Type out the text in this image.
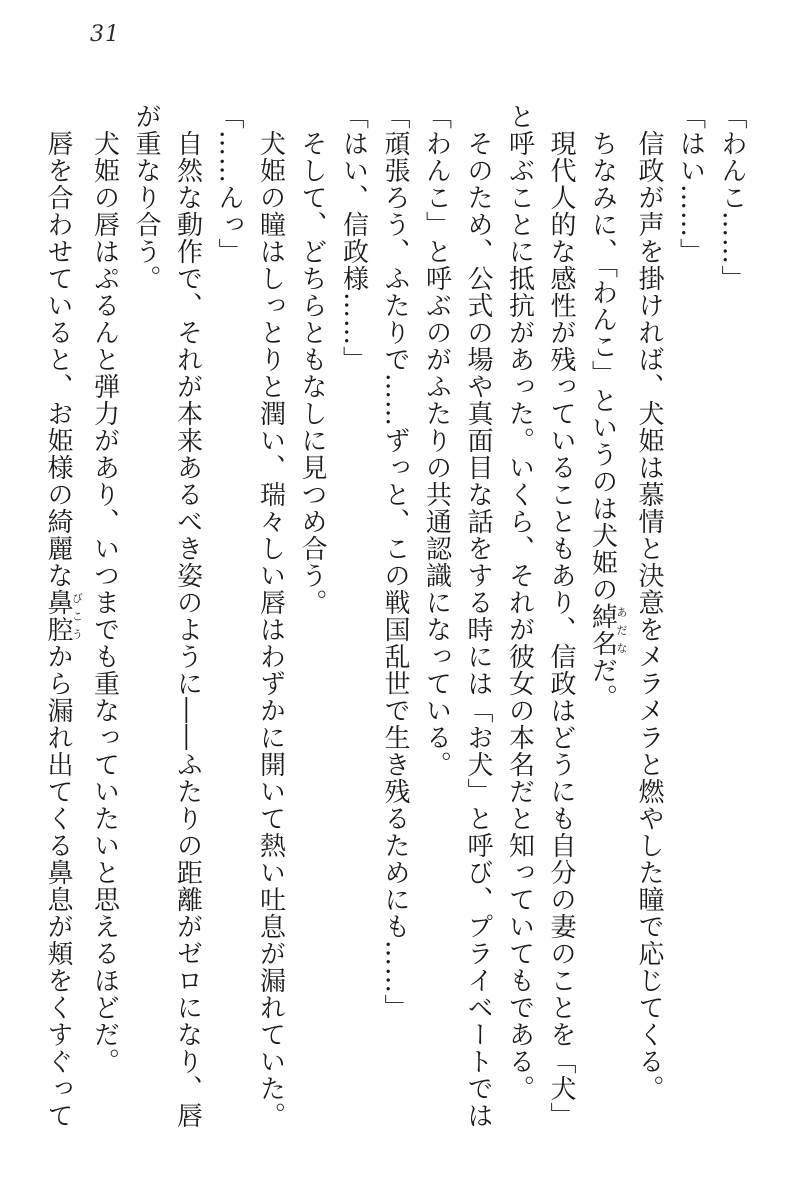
31
「わんこ……」
「はい……」
信政が声を掛ければ、犬姫は慕情と決意をメラメラと燃やした瞳で応じてくる。
ちなみに、「わんこ」というのは犬姫の綽名あだなだ。
現代人的な感性が残っていることもあり、信政はどうにも自分の妻のことを「犬」
と呼ぶことに抵抗があった。いくら、それが彼女の本名だと知っていてもである。
そのため、公式の場や真面目な話をする時には「お犬」と呼び、プライベートでは
「わんこ」と呼ぶのがふたりの共通認識になっている。
「頑張ろう、ふたりで……ずっと、この戦国乱世で生き残るためにも……」
「はい、信政様……」
そして、どちらともなしに見つめ合う。
犬姫の瞳はしっとりと潤い、瑞々しい唇はわずかに開いて熱い吐息が漏れていた。
「……んっ」
自然な動作で、それが本来あるべき姿のように――ふたりの距離がゼロになり、唇
が重なり合う。
犬姫の唇はぷるんと弾力があり、いつまでも重なっていたいと思えるほどだ。
唇を合わせていると、お姫様の綺麗な鼻腔びこうから漏れ出てくる鼻息が頬をくすぐって
